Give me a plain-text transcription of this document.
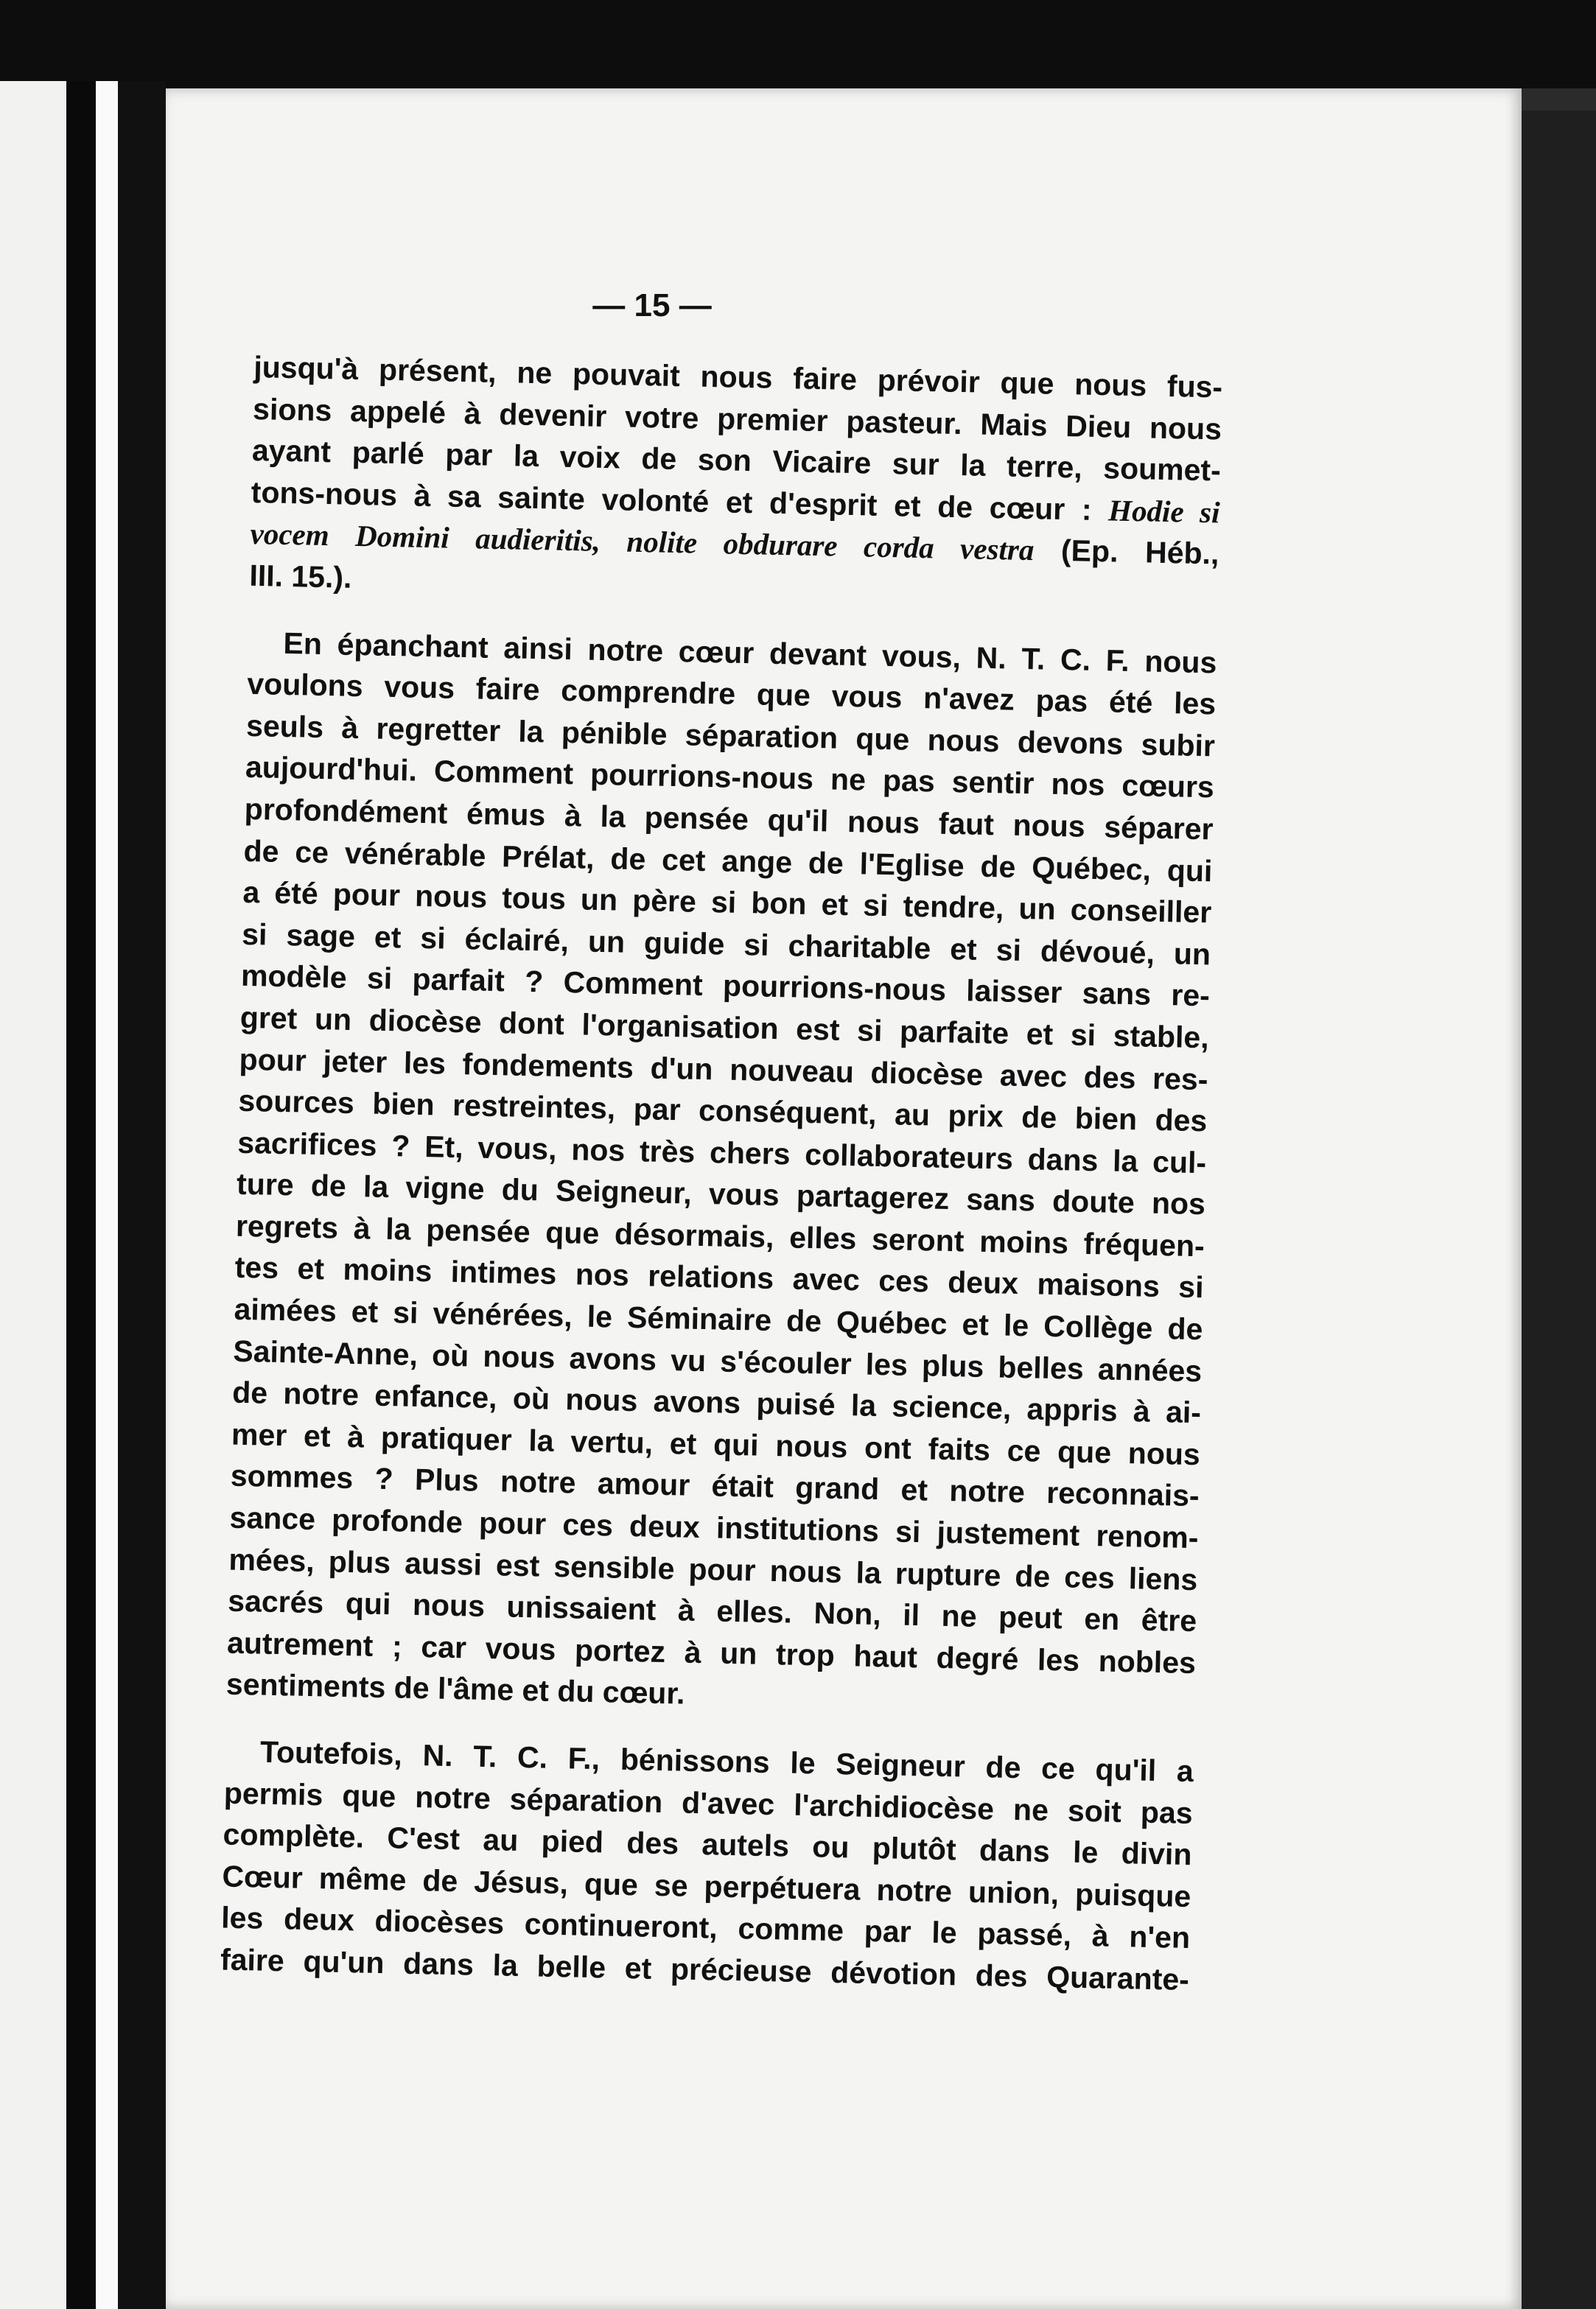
— 15 —
jusqu'à présent, ne pouvait nous faire prévoir que nous fus-
sions appelé à devenir votre premier pasteur. Mais Dieu nous
ayant parlé par la voix de son Vicaire sur la terre, soumet-
tons-nous à sa sainte volonté et d'esprit et de cœur : Hodie si
vocem Domini audieritis, nolite obdurare corda vestra (Ep. Héb.,
III. 15.).
En épanchant ainsi notre cœur devant vous, N. T. C. F. nous
voulons vous faire comprendre que vous n'avez pas été les
seuls à regretter la pénible séparation que nous devons subir
aujourd'hui. Comment pourrions-nous ne pas sentir nos cœurs
profondément émus à la pensée qu'il nous faut nous séparer
de ce vénérable Prélat, de cet ange de l'Eglise de Québec, qui
a été pour nous tous un père si bon et si tendre, un conseiller
si sage et si éclairé, un guide si charitable et si dévoué, un
modèle si parfait ? Comment pourrions-nous laisser sans re-
gret un diocèse dont l'organisation est si parfaite et si stable,
pour jeter les fondements d'un nouveau diocèse avec des res-
sources bien restreintes, par conséquent, au prix de bien des
sacrifices ? Et, vous, nos très chers collaborateurs dans la cul-
ture de la vigne du Seigneur, vous partagerez sans doute nos
regrets à la pensée que désormais, elles seront moins fréquen-
tes et moins intimes nos relations avec ces deux maisons si
aimées et si vénérées, le Séminaire de Québec et le Collège de
Sainte-Anne, où nous avons vu s'écouler les plus belles années
de notre enfance, où nous avons puisé la science, appris à ai-
mer et à pratiquer la vertu, et qui nous ont faits ce que nous
sommes ? Plus notre amour était grand et notre reconnais-
sance profonde pour ces deux institutions si justement renom-
mées, plus aussi est sensible pour nous la rupture de ces liens
sacrés qui nous unissaient à elles. Non, il ne peut en être
autrement ; car vous portez à un trop haut degré les nobles
sentiments de l'âme et du cœur.
Toutefois, N. T. C. F., bénissons le Seigneur de ce qu'il a
permis que notre séparation d'avec l'archidiocèse ne soit pas
complète. C'est au pied des autels ou plutôt dans le divin
Cœur même de Jésus, que se perpétuera notre union, puisque
les deux diocèses continueront, comme par le passé, à n'en
faire qu'un dans la belle et précieuse dévotion des Quarante-
